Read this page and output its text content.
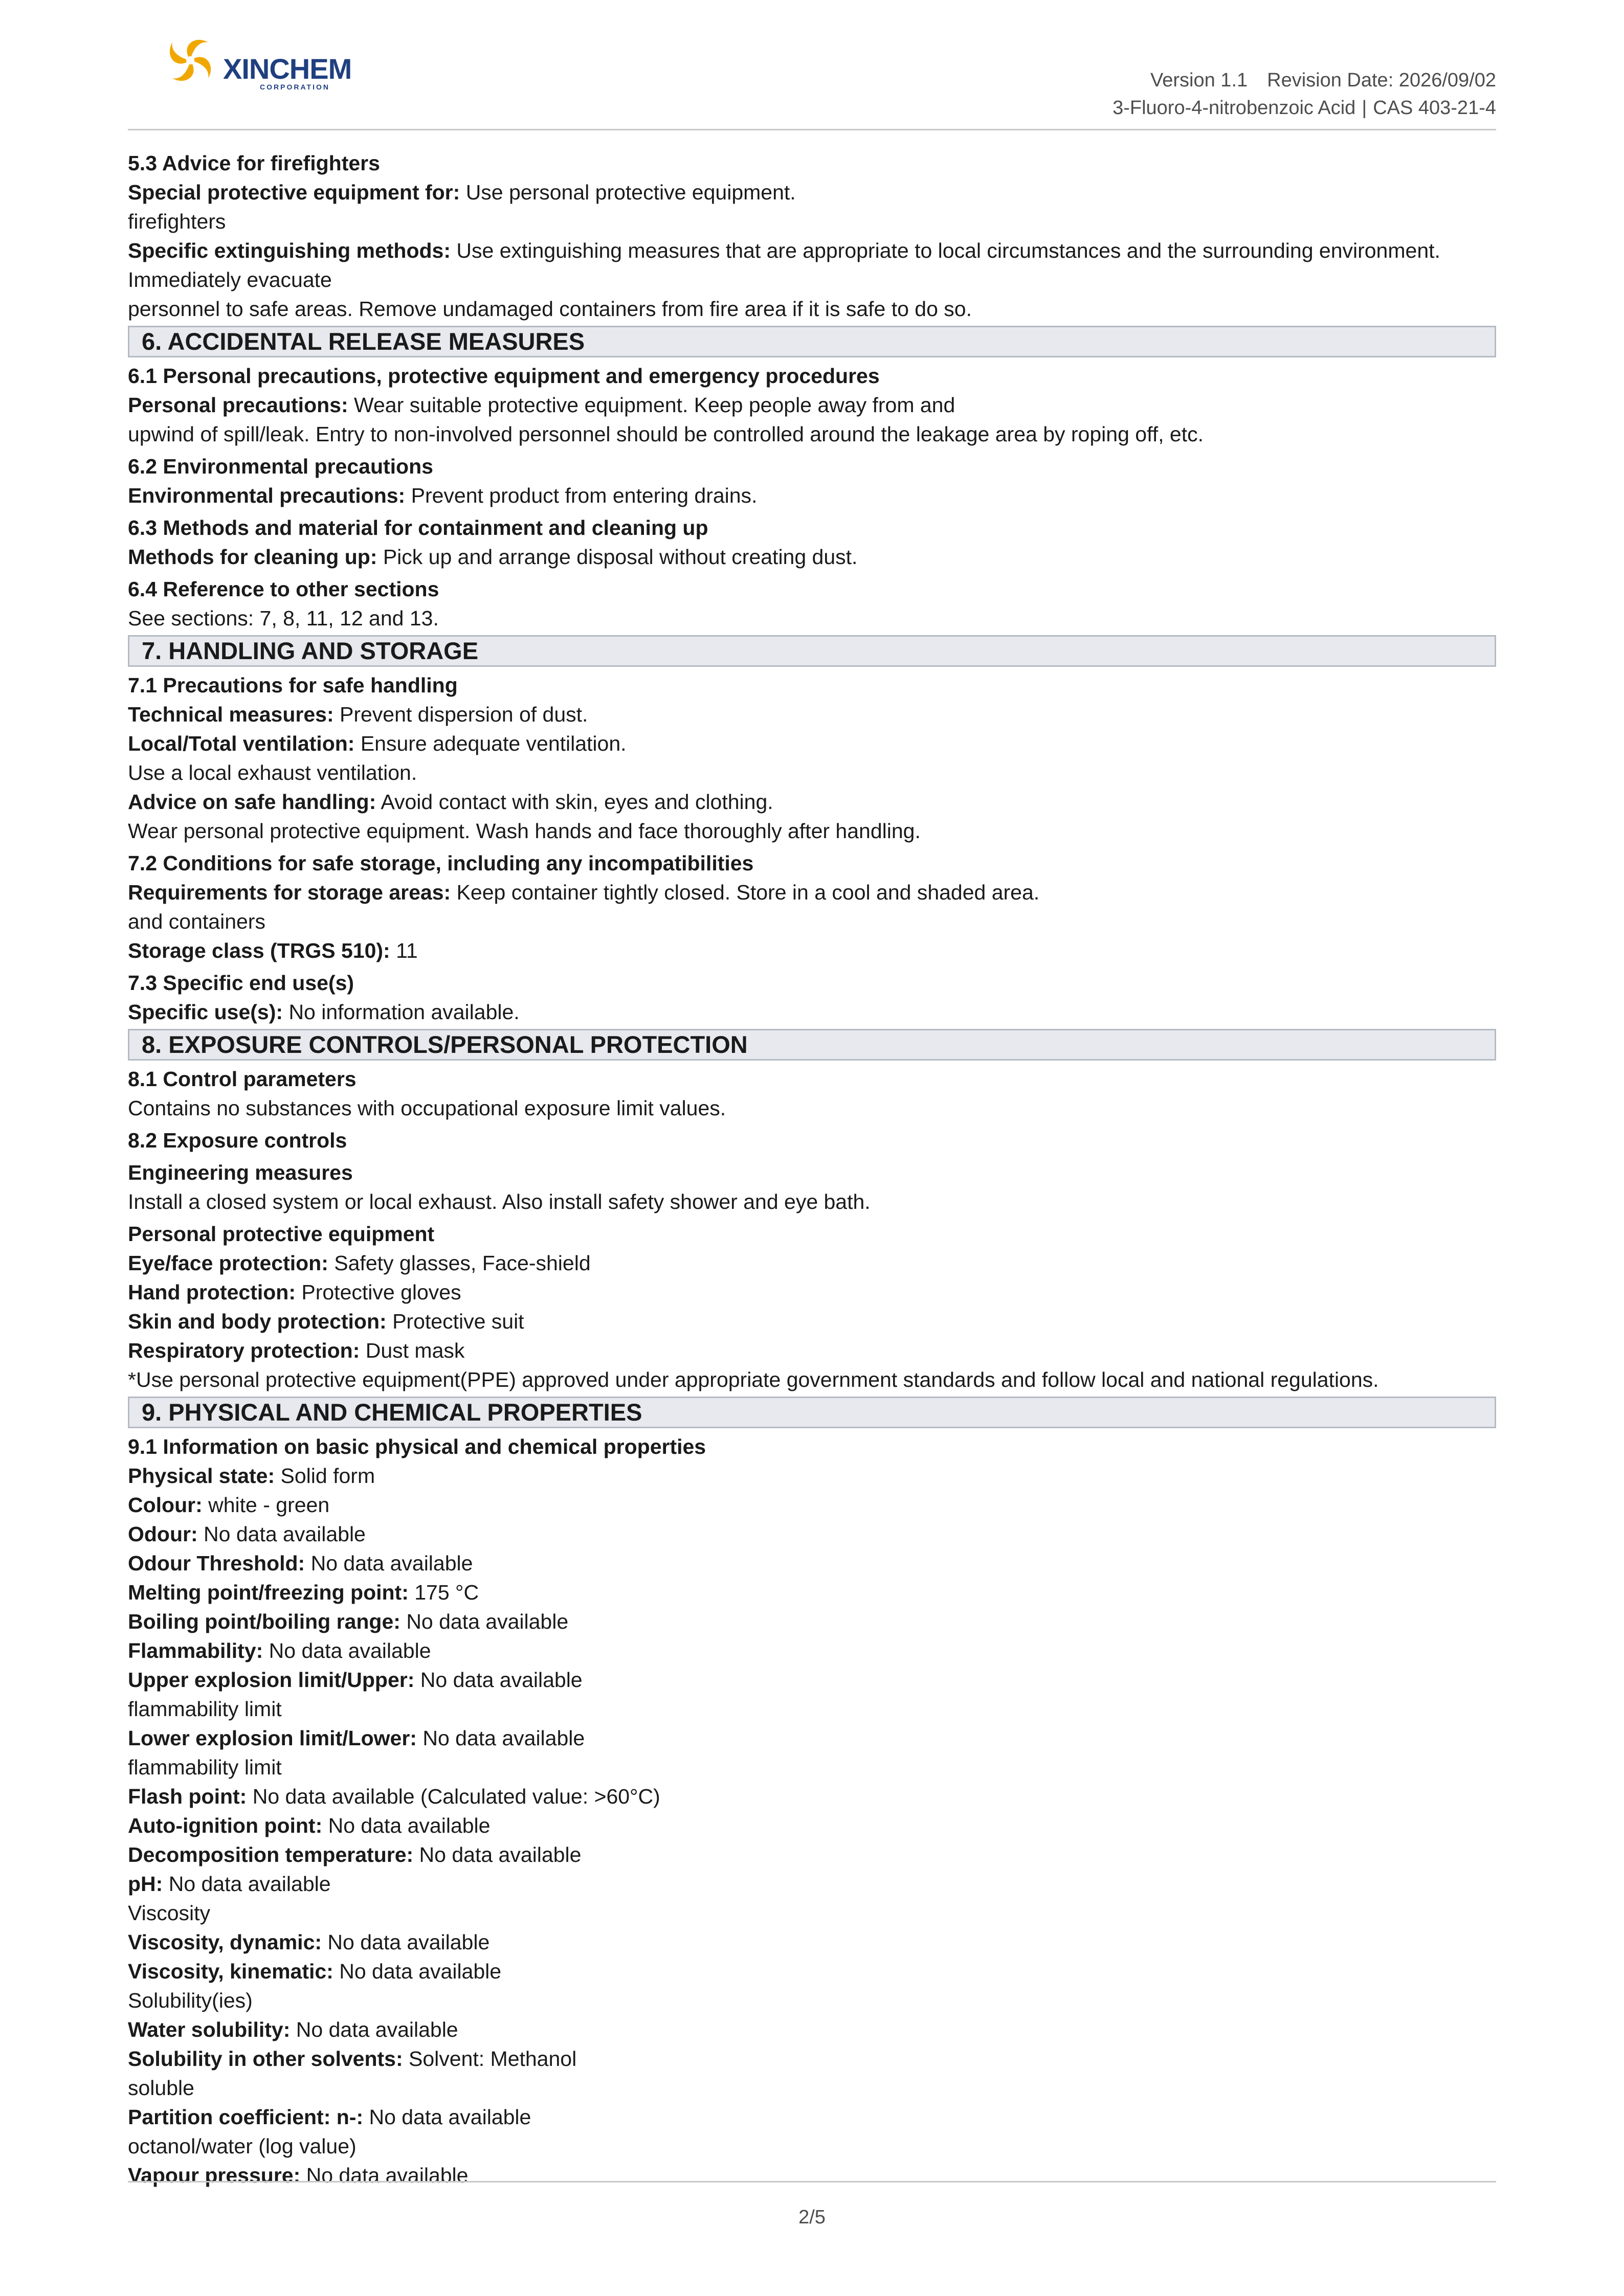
XINCHEM
CORPORATION	Version 1.1 Revision Date: 2026/09/02
3-Fluoro-4-nitrobenzoic Acid | CAS 403-21-4
5.3 Advice for firefighters
Special protective equipment for: Use personal protective equipment.
firefighters
Specific extinguishing methods: Use extinguishing measures that are appropriate to local circumstances and the surrounding environment.
Immediately evacuate
personnel to safe areas. Remove undamaged containers from fire area if it is safe to do so.
6. ACCIDENTAL RELEASE MEASURES
6.1 Personal precautions, protective equipment and emergency procedures
Personal precautions: Wear suitable protective equipment. Keep people away from and
upwind of spill/leak. Entry to non-involved personnel should be controlled around the leakage area by roping off, etc.
6.2 Environmental precautions
Environmental precautions: Prevent product from entering drains.
6.3 Methods and material for containment and cleaning up
Methods for cleaning up: Pick up and arrange disposal without creating dust.
6.4 Reference to other sections
See sections: 7, 8, 11, 12 and 13.
7. HANDLING AND STORAGE
7.1 Precautions for safe handling
Technical measures: Prevent dispersion of dust.
Local/Total ventilation: Ensure adequate ventilation.
Use a local exhaust ventilation.
Advice on safe handling: Avoid contact with skin, eyes and clothing.
Wear personal protective equipment. Wash hands and face thoroughly after handling.
7.2 Conditions for safe storage, including any incompatibilities
Requirements for storage areas: Keep container tightly closed. Store in a cool and shaded area.
and containers
Storage class (TRGS 510): 11
7.3 Specific end use(s)
Specific use(s): No information available.
8. EXPOSURE CONTROLS/PERSONAL PROTECTION
8.1 Control parameters
Contains no substances with occupational exposure limit values.
8.2 Exposure controls
Engineering measures
Install a closed system or local exhaust. Also install safety shower and eye bath.
Personal protective equipment
Eye/face protection: Safety glasses, Face-shield
Hand protection: Protective gloves
Skin and body protection: Protective suit
Respiratory protection: Dust mask
*Use personal protective equipment(PPE) approved under appropriate government standards and follow local and national regulations.
9. PHYSICAL AND CHEMICAL PROPERTIES
9.1 Information on basic physical and chemical properties
Physical state: Solid form
Colour: white - green
Odour: No data available
Odour Threshold: No data available
Melting point/freezing point: 175 °C
Boiling point/boiling range: No data available
Flammability: No data available
Upper explosion limit/Upper: No data available
flammability limit
Lower explosion limit/Lower: No data available
flammability limit
Flash point: No data available (Calculated value: >60°C)
Auto-ignition point: No data available
Decomposition temperature: No data available
pH: No data available
Viscosity
Viscosity, dynamic: No data available
Viscosity, kinematic: No data available
Solubility(ies)
Water solubility: No data available
Solubility in other solvents: Solvent: Methanol
soluble
Partition coefficient: n-: No data available
octanol/water (log value)
Vapour pressure: No data available
2/5
